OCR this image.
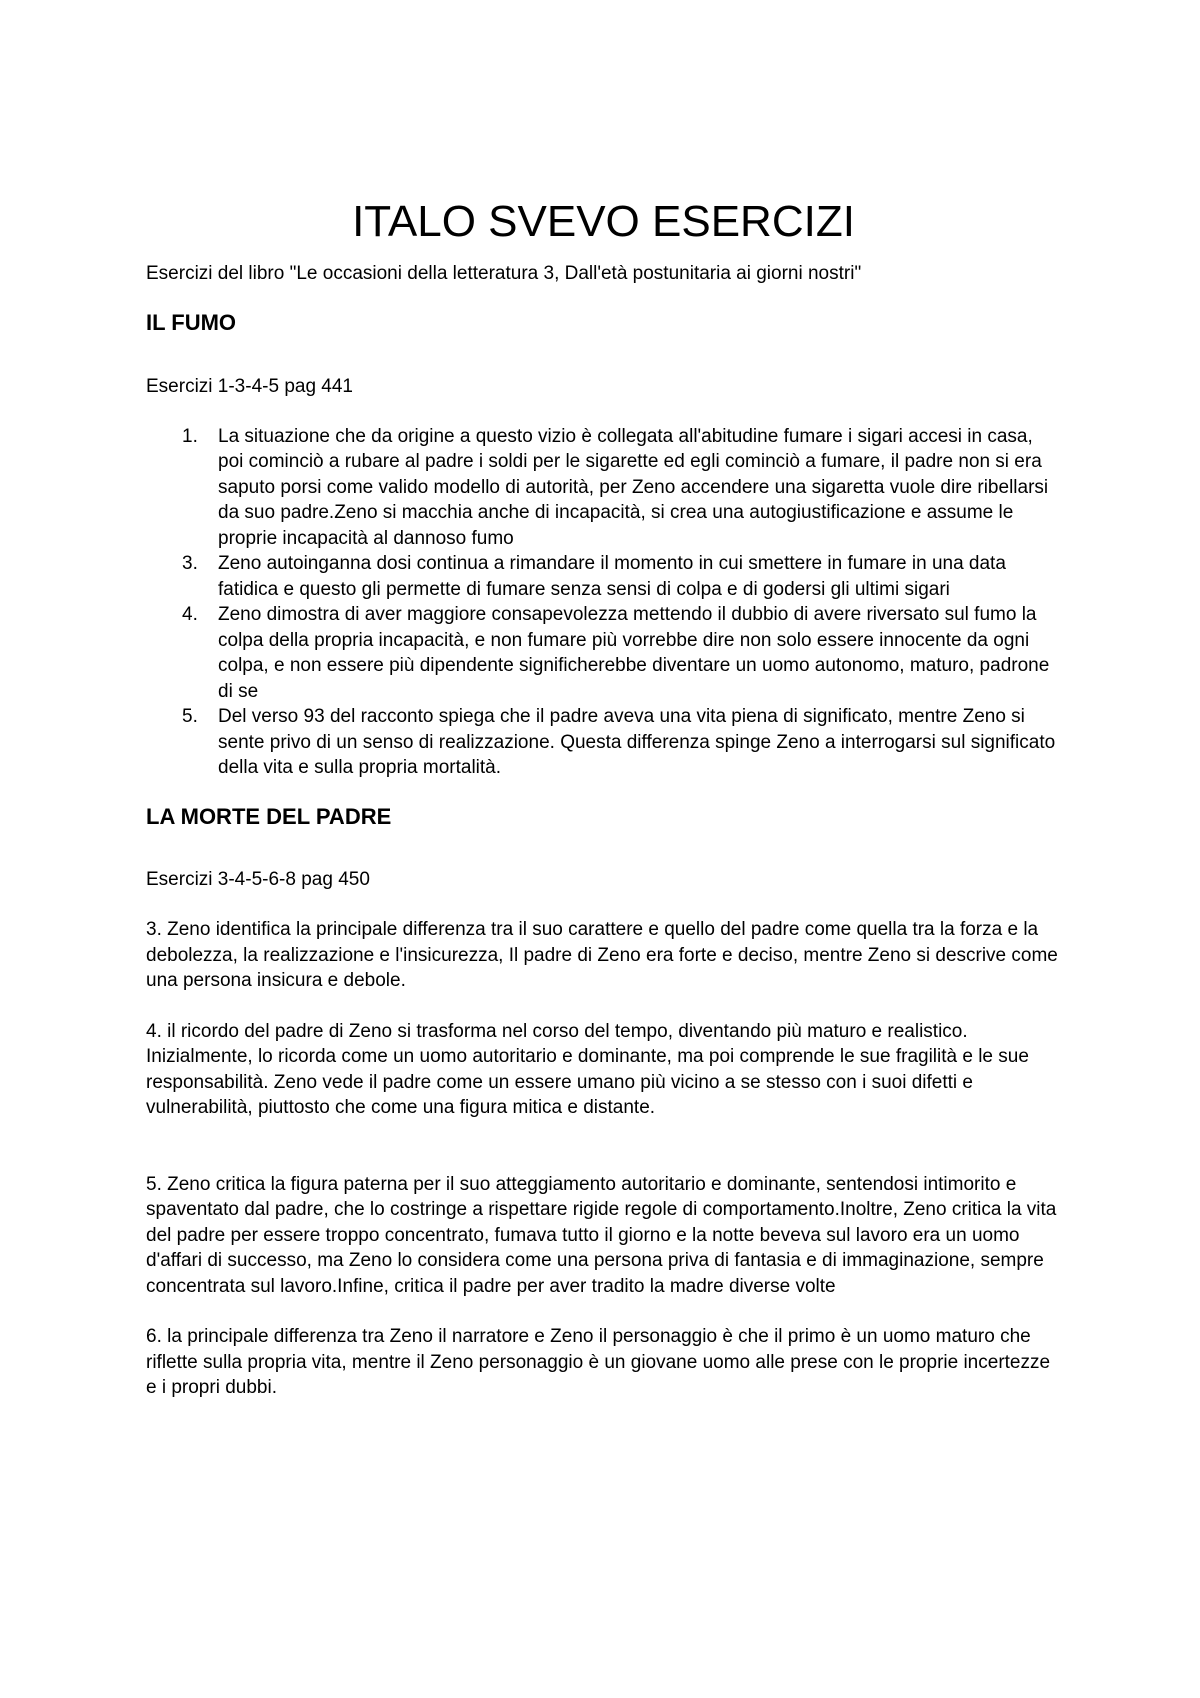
ITALO SVEVO ESERCIZI

Esercizi del libro "Le occasioni della letteratura 3, Dall'età postunitaria ai giorni nostri"

IL FUMO

Esercizi 1-3-4-5 pag 441

1. La situazione che da origine a questo vizio è collegata all'abitudine fumare i sigari accesi in casa, poi cominciò a rubare al padre i soldi per le sigarette ed egli cominciò a fumare, il padre non si era saputo porsi come valido modello di autorità, per Zeno accendere una sigaretta vuole dire ribellarsi da suo padre.Zeno si macchia anche di incapacità, si crea una autogiustificazione e assume le proprie incapacità al dannoso fumo
3. Zeno autoinganna dosi continua a rimandare il momento in cui smettere in fumare in una data fatidica e questo gli permette di fumare senza sensi di colpa e di godersi gli ultimi sigari
4. Zeno dimostra di aver maggiore consapevolezza mettendo il dubbio di avere riversato sul fumo la colpa della propria incapacità, e non fumare più vorrebbe dire non solo essere innocente da ogni colpa, e non essere più dipendente significherebbe diventare un uomo autonomo, maturo, padrone di se
5. Del verso 93 del racconto spiega che il padre aveva una vita piena di significato, mentre Zeno si sente privo di un senso di realizzazione. Questa differenza spinge Zeno a interrogarsi sul significato della vita e sulla propria mortalità.
LA MORTE DEL PADRE

Esercizi 3-4-5-6-8 pag 450

3. Zeno identifica la principale differenza tra il suo carattere e quello del padre come quella tra la forza e la debolezza, la realizzazione e l'insicurezza, Il padre di Zeno era forte e deciso, mentre Zeno si descrive come una persona insicura e debole.

4. il ricordo del padre di Zeno si trasforma nel corso del tempo, diventando più maturo e realistico. Inizialmente, lo ricorda come un uomo autoritario e dominante, ma poi comprende le sue fragilità e le sue responsabilità. Zeno vede il padre come un essere umano più vicino a se stesso con i suoi difetti e vulnerabilità, piuttosto che come una figura mitica e distante.

5. Zeno critica la figura paterna per il suo atteggiamento autoritario e dominante, sentendosi intimorito e spaventato dal padre, che lo costringe a rispettare rigide regole di comportamento.Inoltre, Zeno critica la vita del padre per essere troppo concentrato, fumava tutto il giorno e la notte beveva sul lavoro era un uomo d'affari di successo, ma Zeno lo considera come una persona priva di fantasia e di immaginazione, sempre concentrata sul lavoro.Infine, critica il padre per aver tradito la madre diverse volte

6. la principale differenza tra Zeno il narratore e Zeno il personaggio è che il primo è un uomo maturo che riflette sulla propria vita, mentre il Zeno personaggio è un giovane uomo alle prese con le proprie incertezze e i propri dubbi.
